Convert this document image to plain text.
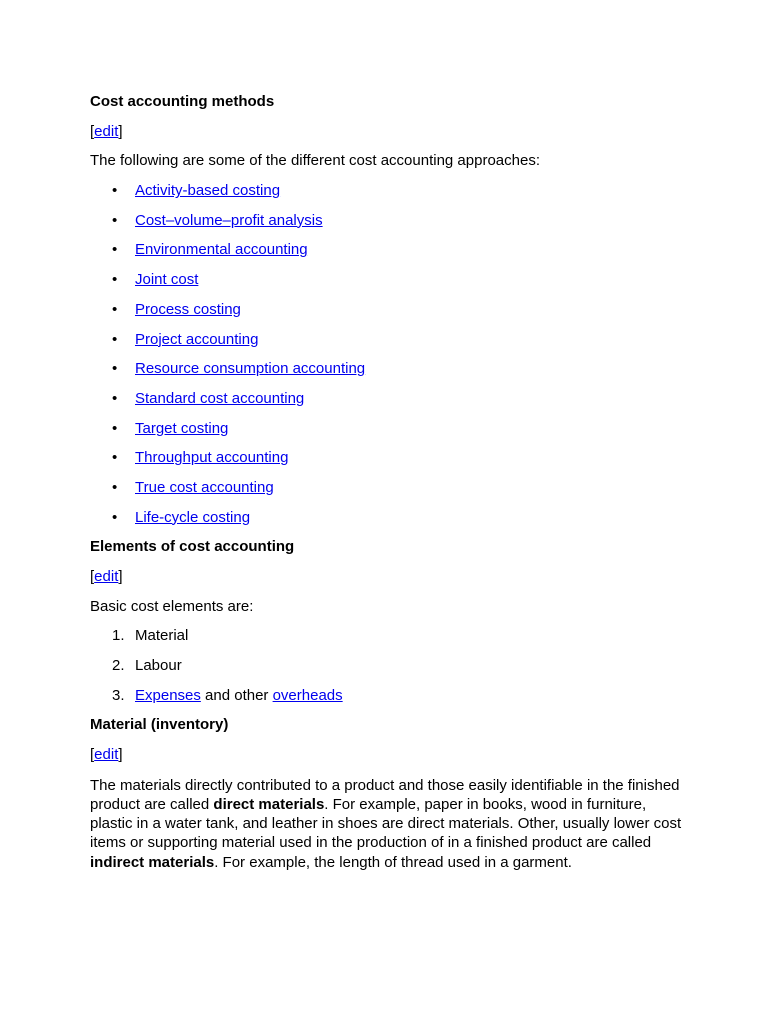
Cost accounting methods
[edit]
The following are some of the different cost accounting approaches:
• Activity-based costing
• Cost–volume–profit analysis
• Environmental accounting
• Joint cost
• Process costing
• Project accounting
• Resource consumption accounting
• Standard cost accounting
• Target costing
• Throughput accounting
• True cost accounting
• Life-cycle costing
Elements of cost accounting
[edit]
Basic cost elements are:
1. Material
2. Labour
3. Expenses and other overheads
Material (inventory)
[edit]
The materials directly contributed to a product and those easily identifiable in the finished product are called direct materials. For example, paper in books, wood in furniture, plastic in a water tank, and leather in shoes are direct materials. Other, usually lower cost items or supporting material used in the production of in a finished product are called indirect materials. For example, the length of thread used in a garment.
